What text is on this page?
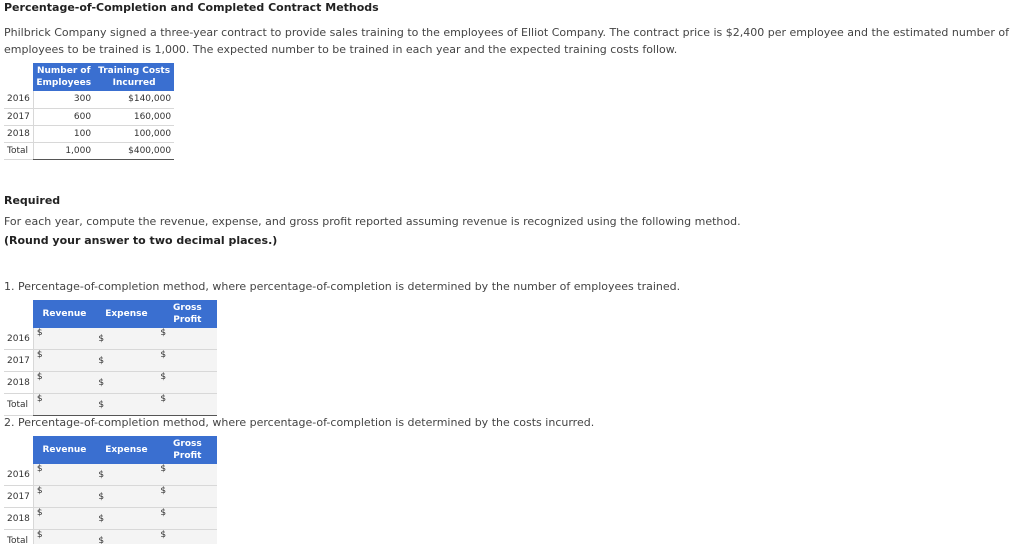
Percentage-of-Completion and Completed Contract Methods
Philbrick Company signed a three-year contract to provide sales training to the employees of Elliot Company. The contract price is $2,400 per employee and the estimated number of employees to be trained is 1,000. The expected number to be trained in each year and the expected training costs follow.
	Number of Employees	Training Costs Incurred
2016	300	$140,000
2017	600	160,000
2018	100	100,000
Total	1,000	$400,000
Required
For each year, compute the revenue, expense, and gross profit reported assuming revenue is recognized using the following method.
(Round your answer to two decimal places.)
1. Percentage-of-completion method, where percentage-of-completion is determined by the number of employees trained.
	Revenue	Expense	Gross Profit
2016	$	$	$
2017	$	$	$
2018	$	$	$
Total	$	$	$
2. Percentage-of-completion method, where percentage-of-completion is determined by the costs incurred.
	Revenue	Expense	Gross Profit
2016	$	$	$
2017	$	$	$
2018	$	$	$
Total	$	$	$
